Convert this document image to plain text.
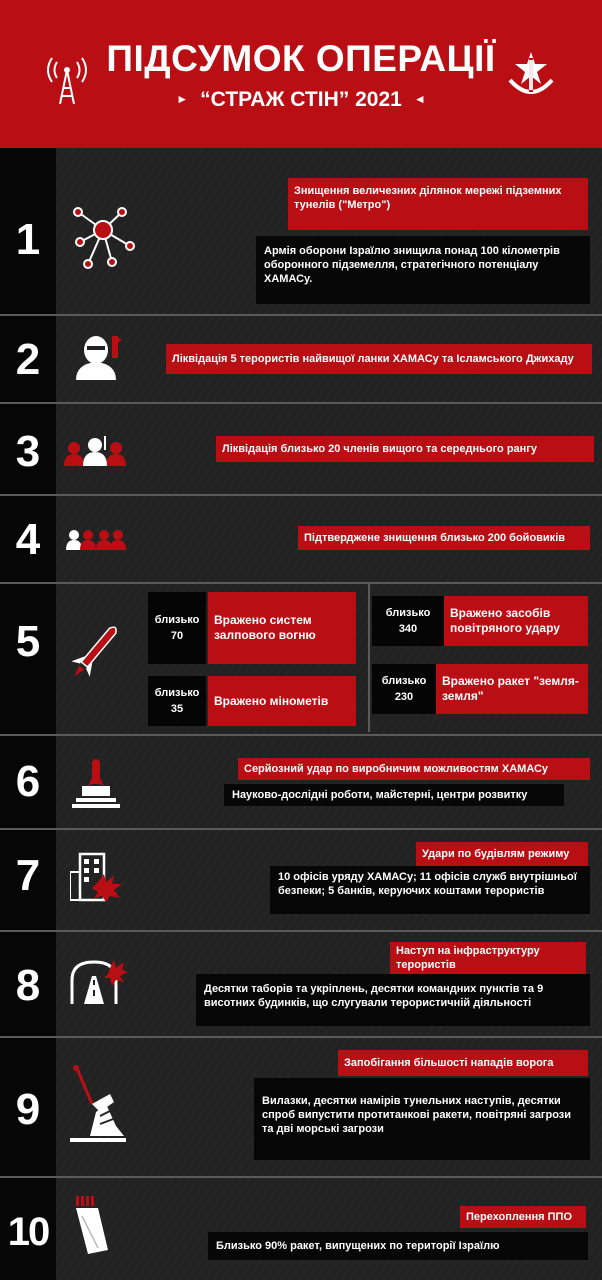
ПІДСУМОК ОПЕРАЦІЇ
► “СТРАЖ СТІН” 2021 ◄
1
2
3
4
5
6
7
8
9
10
Знищення величезних ділянок мережі підземних тунелів ("Метро")
Армія оборони Ізраїлю знищила понад 100 кілометрів оборонного підземелля, стратегічного потенціалу ХАМАСу.
Ліквідація 5 терористів найвищої ланки ХАМАСу та Ісламського Джихаду
Ліквідація близько 20 членів вищого та середнього рангу
Підтверджене знищення близько 200 бойовиків
близько
70
Вражено систем залпового вогню
близько
35
Вражено мінометів
близько
340
Вражено засобів повітряного удару
близько
230
Вражено ракет "земля-земля"
Серйозний удар по виробничим можливостям ХАМАСу
Науково-дослідні роботи, майстерні, центри розвитку
Удари по будівлям режиму
10 офісів уряду ХАМАСу; 11 офісів служб внутрішньої безпеки; 5 банків, керуючих коштами терористів
Наступ на інфраструктуру терористів
Десятки таборів та укріплень, десятки командних пунктів та 9 висотних будинків, що слугували терористичній діяльності
Запобігання більшості нападів ворога
Вилазки, десятки намірів тунельних наступів, десятки спроб випустити протитанкові ракети, повітряні загрози та дві морські загрози
Перехоплення ППО
Близько 90% ракет, випущених по території Ізраїлю
